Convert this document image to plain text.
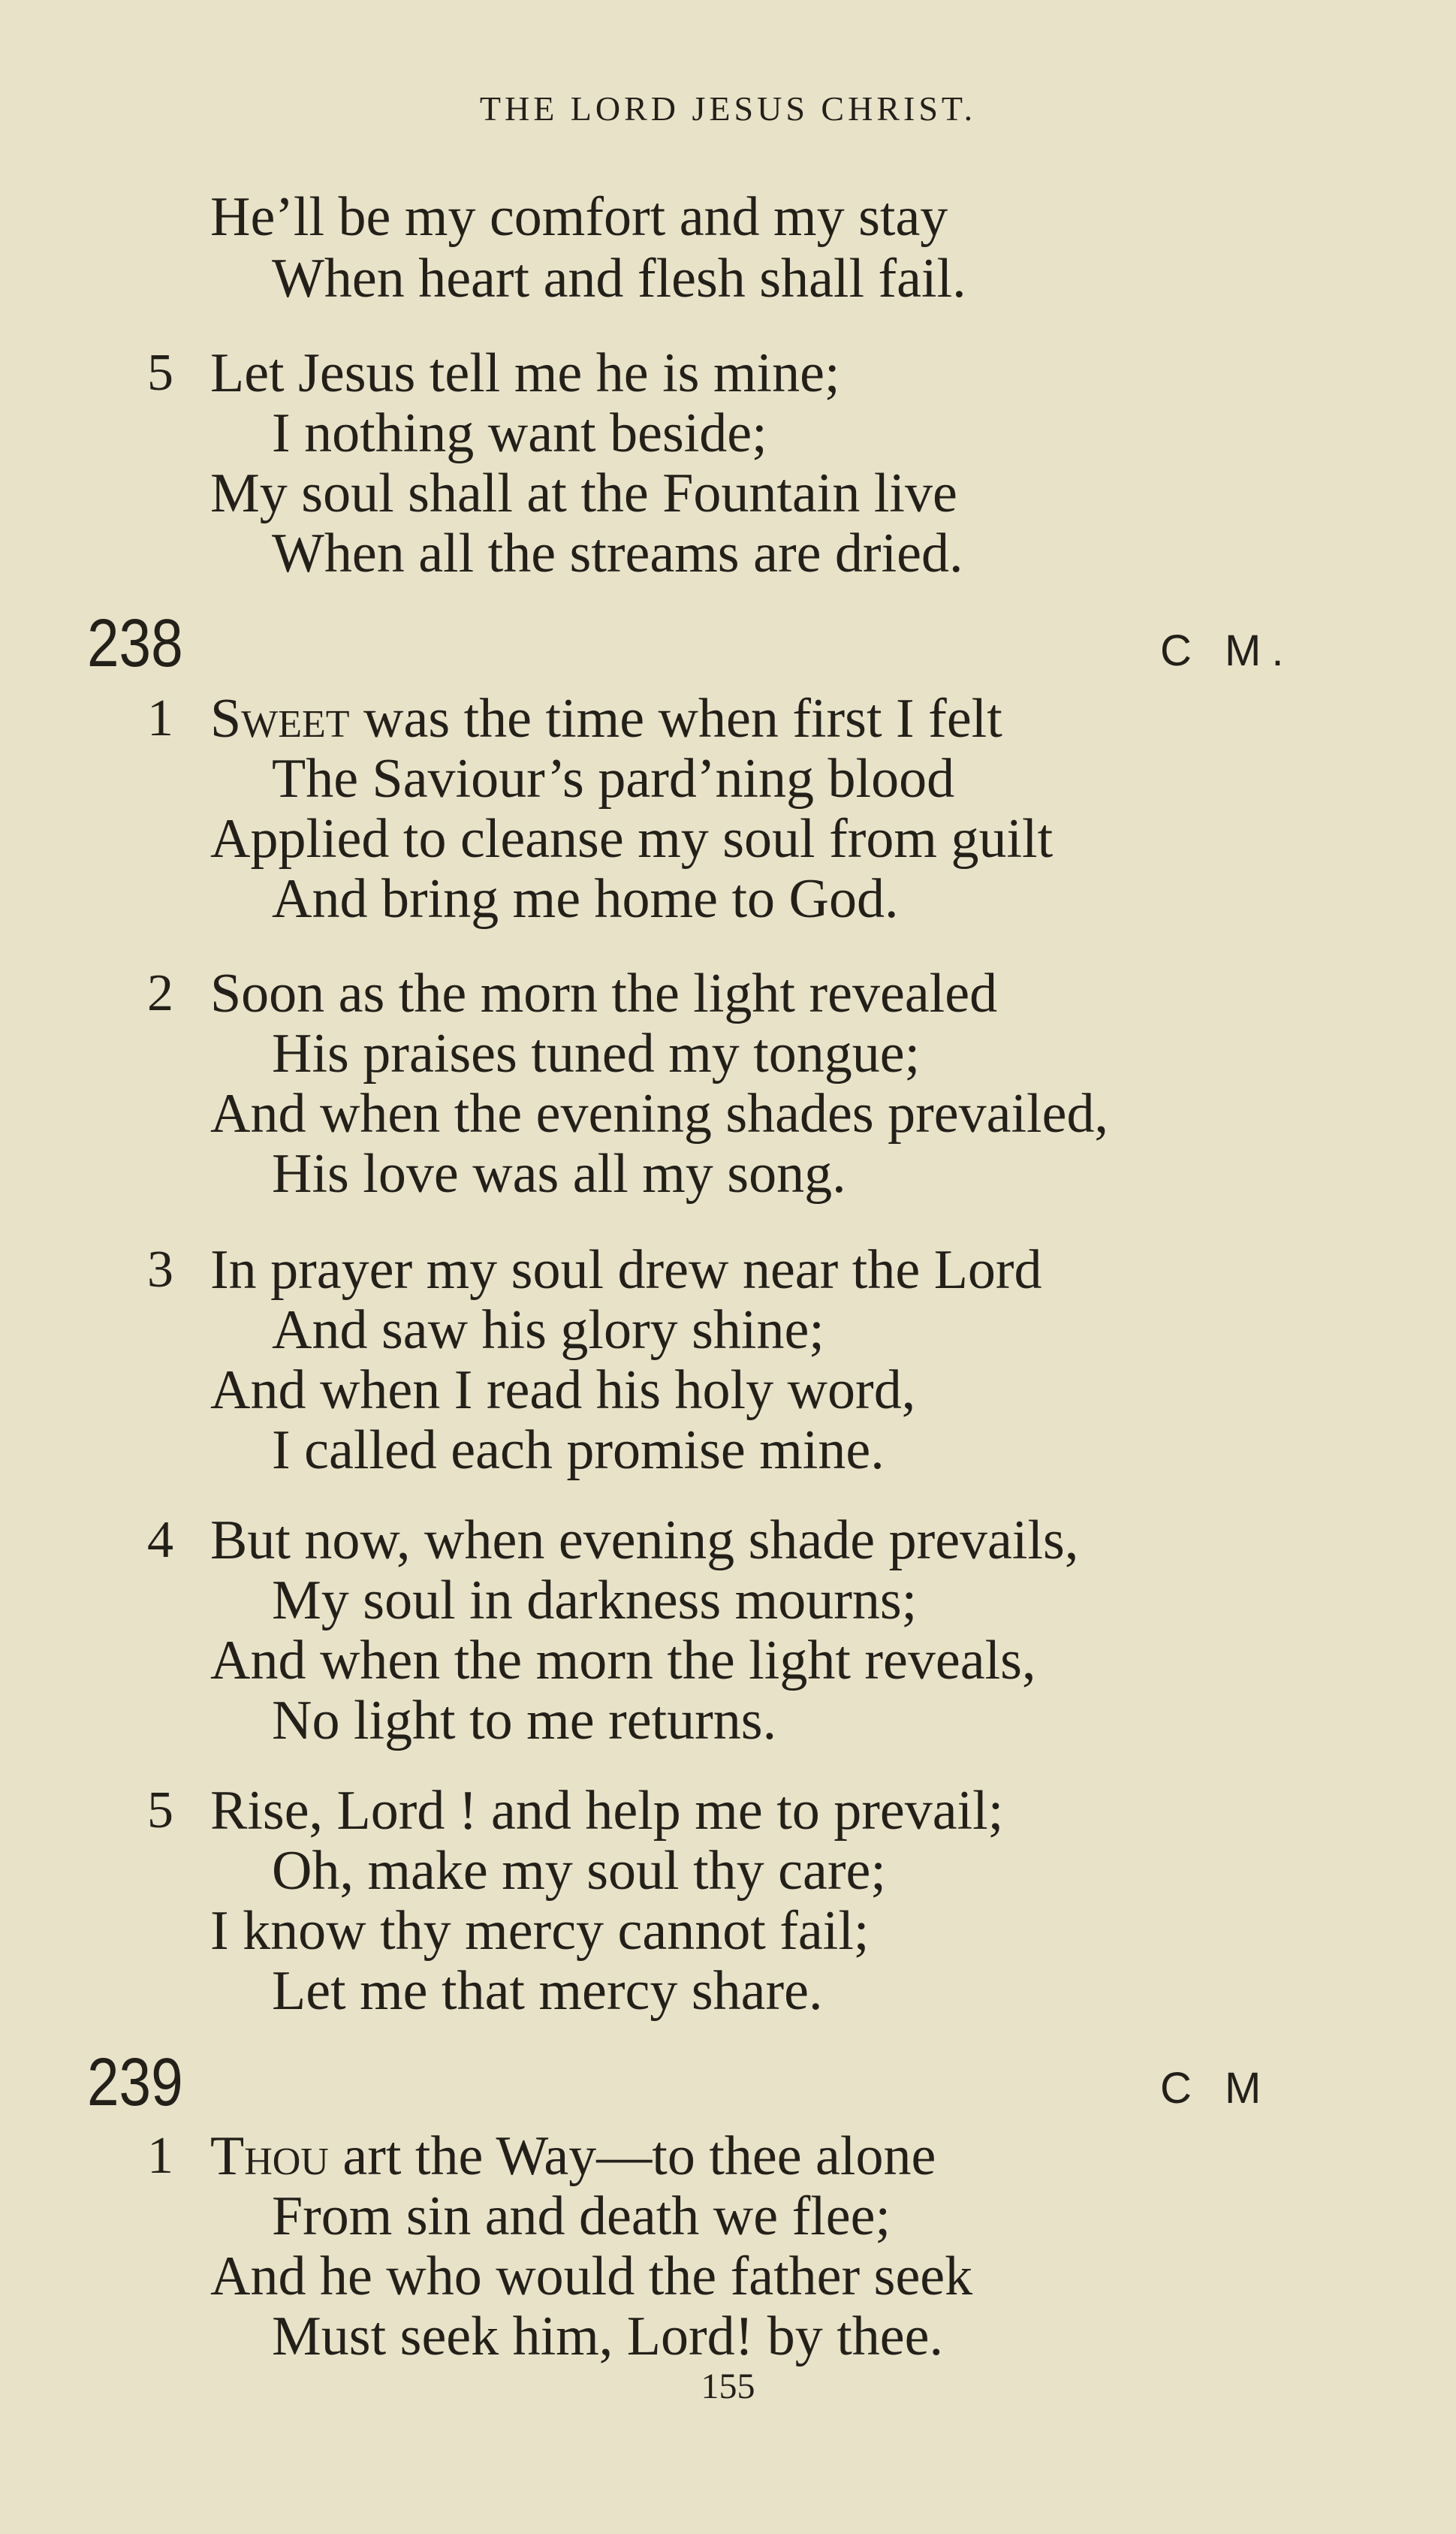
THE LORD JESUS CHRIST.
He’ll be my comfort and my stay
When heart and flesh shall fail.
5 Let Jesus tell me he is mine;
I nothing want beside;
My soul shall at the Fountain live
When all the streams are dried.
238	C M.
1 Sweet was the time when first I felt
The Saviour’s pard’ning blood
Applied to cleanse my soul from guilt
And bring me home to God.
2 Soon as the morn the light revealed
His praises tuned my tongue;
And when the evening shades prevailed,
His love was all my song.
3 In prayer my soul drew near the Lord
And saw his glory shine;
And when I read his holy word,
I called each promise mine.
4 But now, when evening shade prevails,
My soul in darkness mourns;
And when the morn the light reveals,
No light to me returns.
5 Rise, Lord ! and help me to prevail;
Oh, make my soul thy care;
I know thy mercy cannot fail;
Let me that mercy share.
239	C M
1 Thou art the Way—to thee alone
From sin and death we flee;
And he who would the father seek
Must seek him, Lord! by thee.
155
